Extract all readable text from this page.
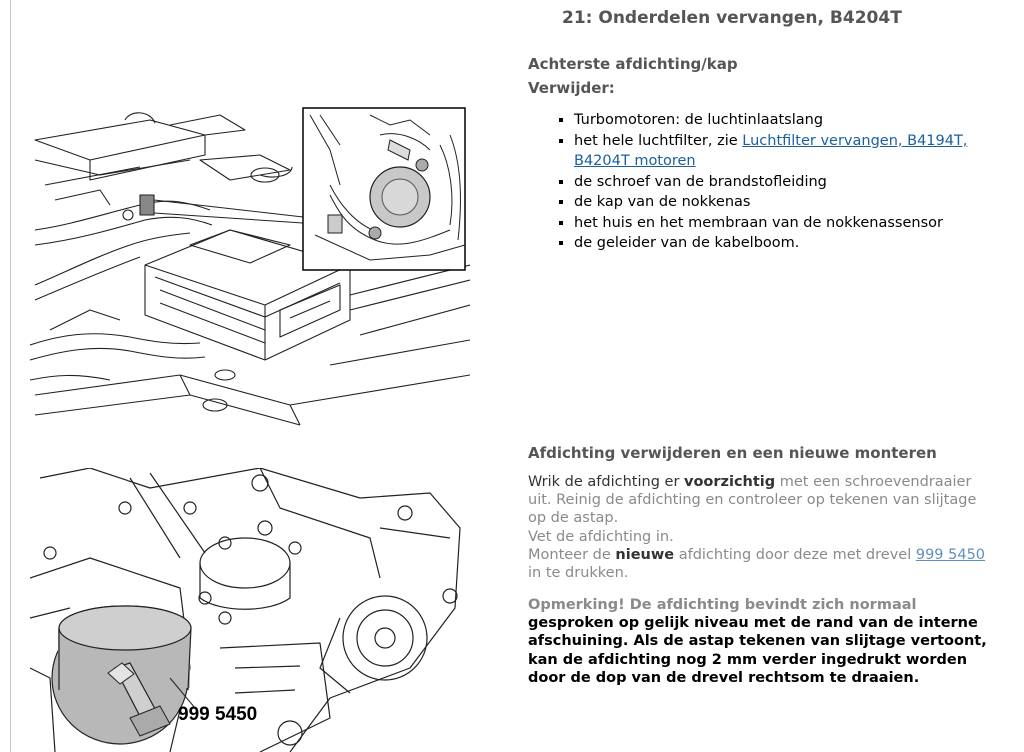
21: Onderdelen vervangen, B4204T
Achterste afdichting/kap
Verwijder:
▪ Turbomotoren: de luchtinlaatslang
▪ het hele luchtfilter, zie Luchtfilter vervangen, B4194T, B4204T motoren
▪ de schroef van de brandstofleiding
▪ de kap van de nokkenas
▪ het huis en het membraan van de nokkenassensor
▪ de geleider van de kabelboom.
Afdichting verwijderen en een nieuwe monteren
Wrik de afdichting er voorzichtig met een schroevendraaier uit. Reinig de afdichting en controleer op tekenen van slijtage op de astap.
Vet de afdichting in.
Monteer de nieuwe afdichting door deze met drevel 999 5450 in te drukken.
Opmerking! De afdichting bevindt zich normaal gesproken op gelijk niveau met de rand van de interne afschuining. Als de astap tekenen van slijtage vertoont, kan de afdichting nog 2 mm verder ingedrukt worden door de dop van de drevel rechtsom te draaien.
999 5450
